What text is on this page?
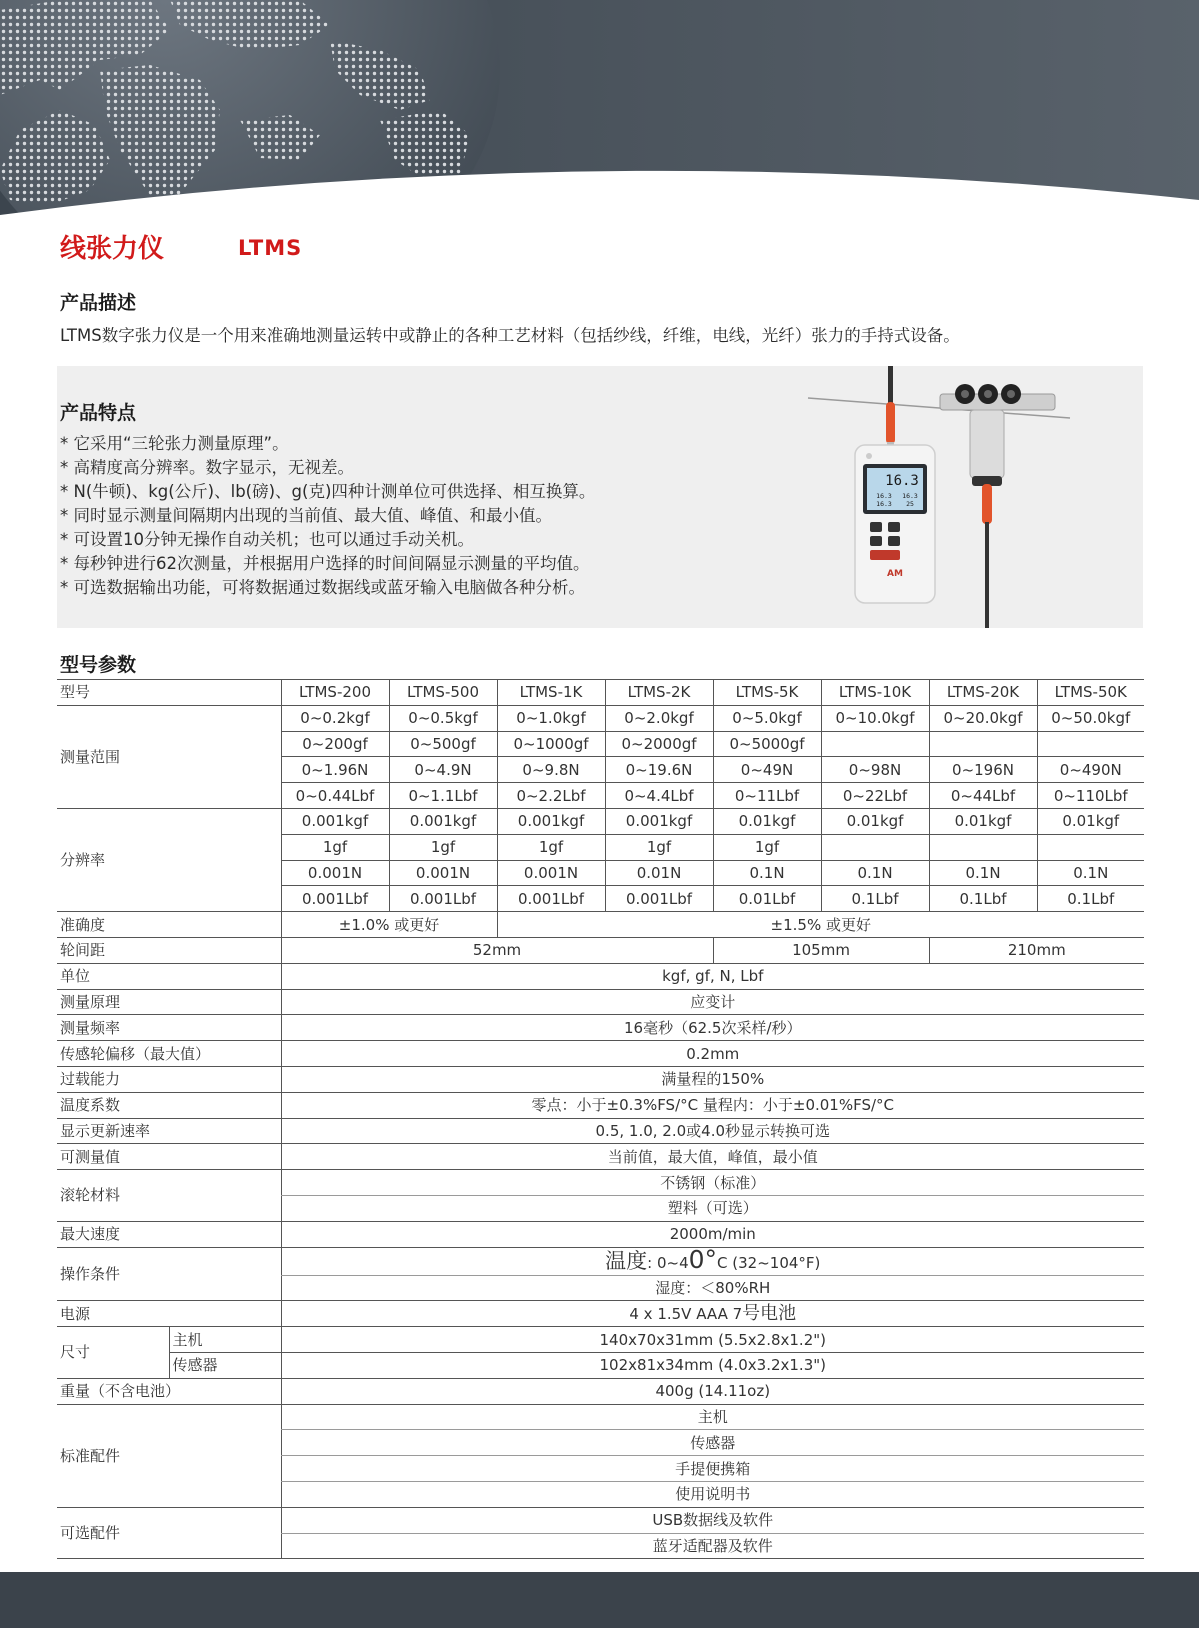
线张力仪	LTMS
产品描述
LTMS数字张力仪是一个用来准确地测量运转中或静止的各种工艺材料（包括纱线，纤维，电线，光纤）张力的手持式设备。
产品特点
* 它采用“三轮张力测量原理”。
* 高精度高分辨率。数字显示，无视差。
* N(牛顿)、kg(公斤)、lb(磅)、g(克)四种计测单位可供选择、相互换算。
* 同时显示测量间隔期内出现的当前值、最大值、峰值、和最小值。
* 可设置10分钟无操作自动关机；也可以通过手动关机。
* 每秒钟进行62次测量，并根据用户选择的时间间隔显示测量的平均值。
* 可选数据输出功能，可将数据通过数据线或蓝牙输入电脑做各种分析。
16.3
16.3 16.3
16.3 25
AM
型号参数
型号		LTMS-200	LTMS-500	LTMS-1K	LTMS-2K	LTMS-5K	LTMS-10K	LTMS-20K	LTMS-50K
测量范围		0~0.2kgf	0~0.5kgf	0~1.0kgf	0~2.0kgf	0~5.0kgf	0~10.0kgf	0~20.0kgf	0~50.0kgf
		0~200gf	0~500gf	0~1000gf	0~2000gf	0~5000gf			
		0~1.96N	0~4.9N	0~9.8N	0~19.6N	0~49N	0~98N	0~196N	0~490N
		0~0.44Lbf	0~1.1Lbf	0~2.2Lbf	0~4.4Lbf	0~11Lbf	0~22Lbf	0~44Lbf	0~110Lbf
分辨率		0.001kgf	0.001kgf	0.001kgf	0.001kgf	0.01kgf	0.01kgf	0.01kgf	0.01kgf
		1gf	1gf	1gf	1gf	1gf			
		0.001N	0.001N	0.001N	0.01N	0.1N	0.1N	0.1N	0.1N
		0.001Lbf	0.001Lbf	0.001Lbf	0.001Lbf	0.01Lbf	0.1Lbf	0.1Lbf	0.1Lbf
准确度		±1.0% 或更好		±1.5% 或更好					
轮间距		52mm				105mm		210mm	
单位		kgf, gf, N, Lbf							
测量原理		应变计							
测量频率		16毫秒（62.5次采样/秒）							
传感轮偏移（最大值）		0.2mm							
过载能力		满量程的150%							
温度系数		零点：小于±0.3%FS/°C 量程内：小于±0.01%FS/°C							
显示更新速率		0.5, 1.0, 2.0或4.0秒显示转换可选							
可测量值		当前值，最大值，峰值，最小值							
滚轮材料		不锈钢（标准）							
		塑料（可选）							
最大速度		2000m/min							
操作条件		温度: 0~40°C (32~104°F)							
		湿度：＜80%RH							
电源		4 x 1.5V AAA 7号电池							
尺寸	主机	140x70x31mm (5.5x2.8x1.2")							
	传感器	102x81x34mm (4.0x3.2x1.3")							
重量（不含电池）		400g (14.11oz)							
标准配件		主机							
		传感器							
		手提便携箱							
		使用说明书							
可选配件		USB数据线及软件							
		蓝牙适配器及软件							
